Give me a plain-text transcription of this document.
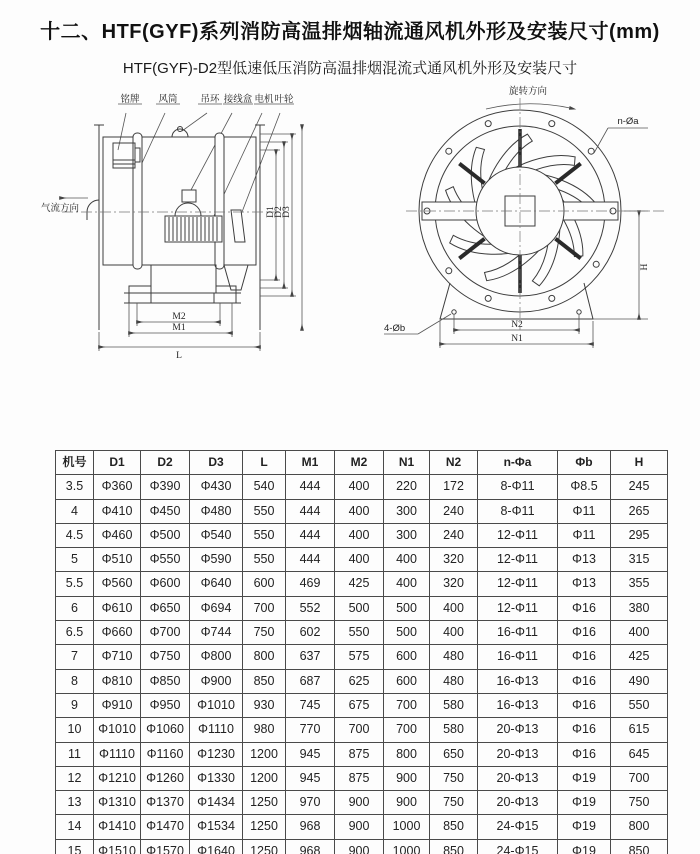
十二、HTF(GYF)系列消防高温排烟轴流通风机外形及安装尺寸(mm)
HTF(GYF)-D2型低速低压消防高温排烟混流式通风机外形及安装尺寸
铭牌 风筒 吊环 接线盒 电机 叶轮
气流方向	D1
D2
D3
M2
M1
L
旋转方向
n-Øa
4-Øb
H
N2
N1
机号	D1	D2	D3	L	M1	M2	N1	N2	n-Φa	Φb	H
3.5	Φ360	Φ390	Φ430	540	444	400	220	172	8-Φ11	Φ8.5	245
4	Φ410	Φ450	Φ480	550	444	400	300	240	8-Φ11	Φ11	265
4.5	Φ460	Φ500	Φ540	550	444	400	300	240	12-Φ11	Φ11	295
5	Φ510	Φ550	Φ590	550	444	400	400	320	12-Φ11	Φ13	315
5.5	Φ560	Φ600	Φ640	600	469	425	400	320	12-Φ11	Φ13	355
6	Φ610	Φ650	Φ694	700	552	500	500	400	12-Φ11	Φ16	380
6.5	Φ660	Φ700	Φ744	750	602	550	500	400	16-Φ11	Φ16	400
7	Φ710	Φ750	Φ800	800	637	575	600	480	16-Φ11	Φ16	425
8	Φ810	Φ850	Φ900	850	687	625	600	480	16-Φ13	Φ16	490
9	Φ910	Φ950	Φ1010	930	745	675	700	580	16-Φ13	Φ16	550
10	Φ1010	Φ1060	Φ1110	980	770	700	700	580	20-Φ13	Φ16	615
11	Φ1110	Φ1160	Φ1230	1200	945	875	800	650	20-Φ13	Φ16	645
12	Φ1210	Φ1260	Φ1330	1200	945	875	900	750	20-Φ13	Φ19	700
13	Φ1310	Φ1370	Φ1434	1250	970	900	900	750	20-Φ13	Φ19	750
14	Φ1410	Φ1470	Φ1534	1250	968	900	1000	850	24-Φ15	Φ19	800
15	Φ1510	Φ1570	Φ1640	1250	968	900	1000	850	24-Φ15	Φ19	850
